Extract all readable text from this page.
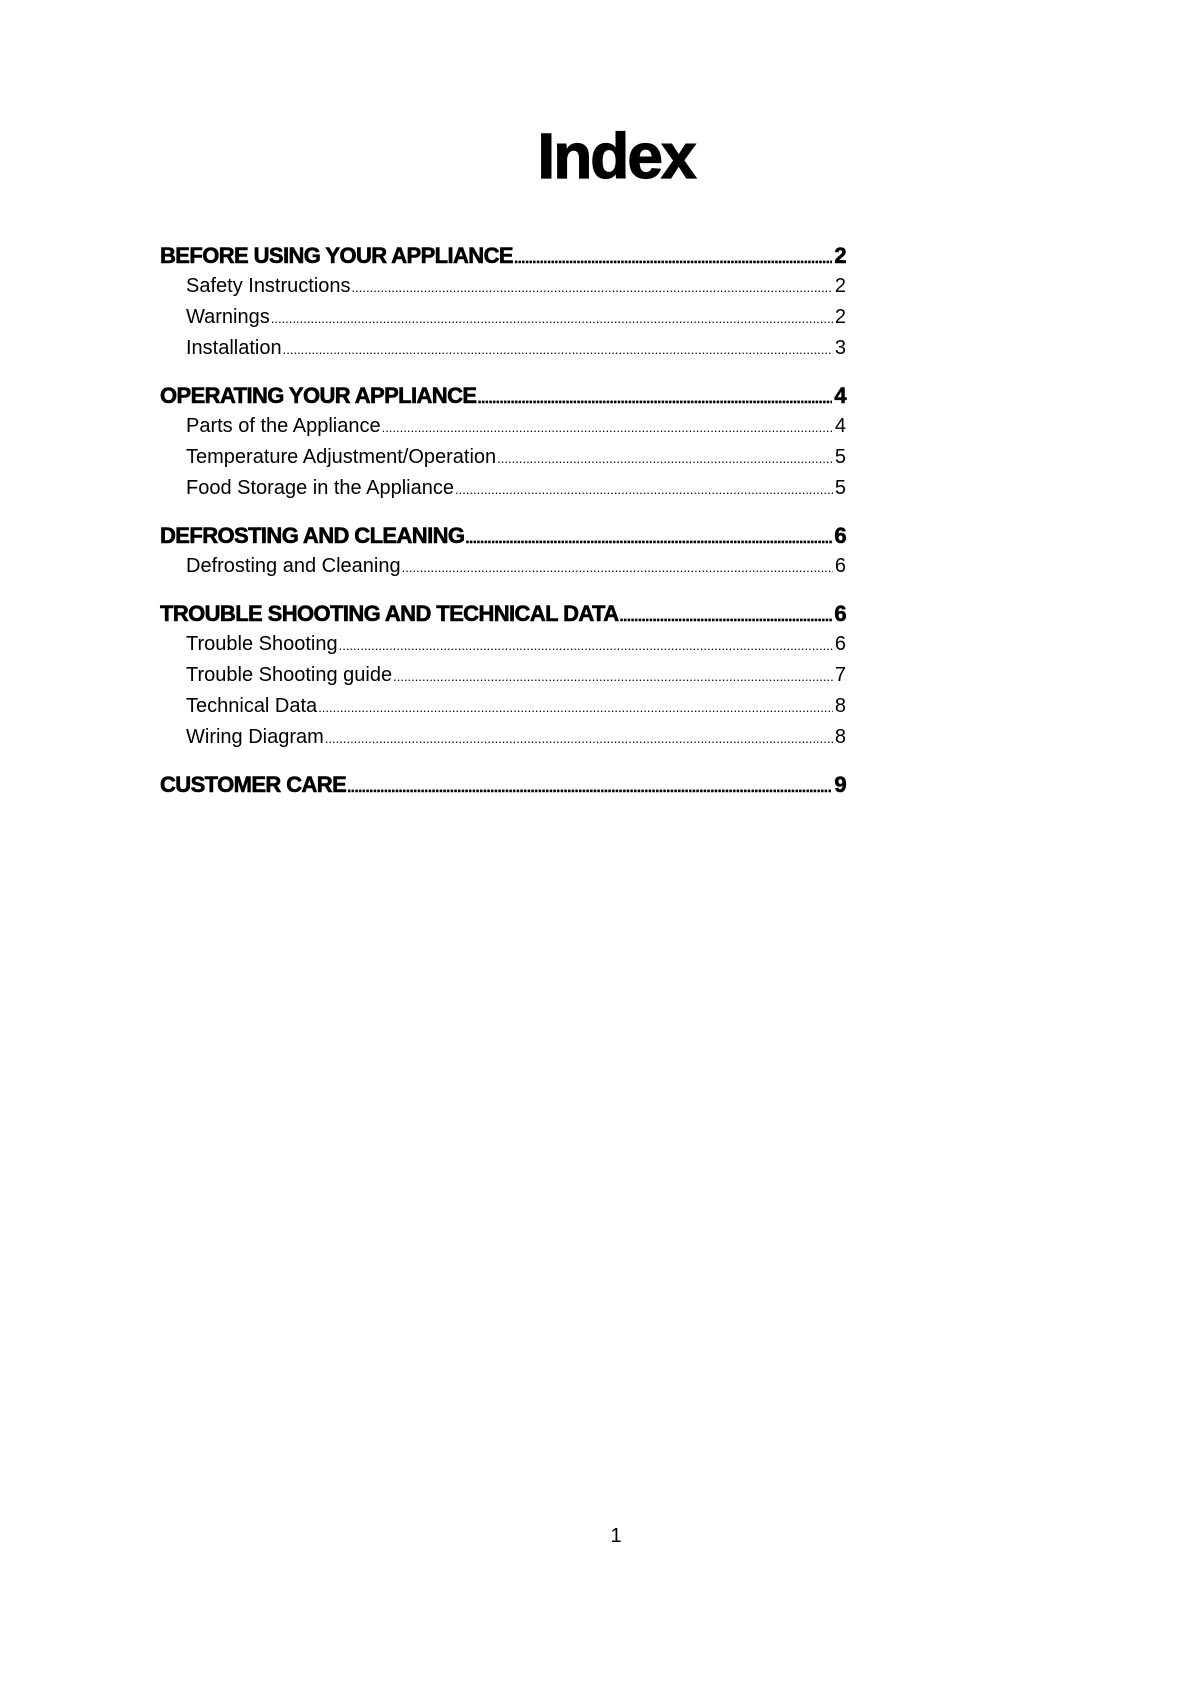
Index
BEFORE USING YOUR APPLIANCE .....	2
Safety Instructions .....	2
Warnings .....	2
Installation .....	3
OPERATING YOUR APPLIANCE .....	4
Parts of the Appliance .....	4
Temperature Adjustment/Operation .....	5
Food Storage in the Appliance .....	5
DEFROSTING AND CLEANING .....	6
Defrosting and Cleaning .....	6
TROUBLE SHOOTING AND TECHNICAL DATA .....	6
Trouble Shooting .....	6
Trouble Shooting guide .....	7
Technical Data .....	8
Wiring Diagram .....	8
CUSTOMER CARE .....	9
1
